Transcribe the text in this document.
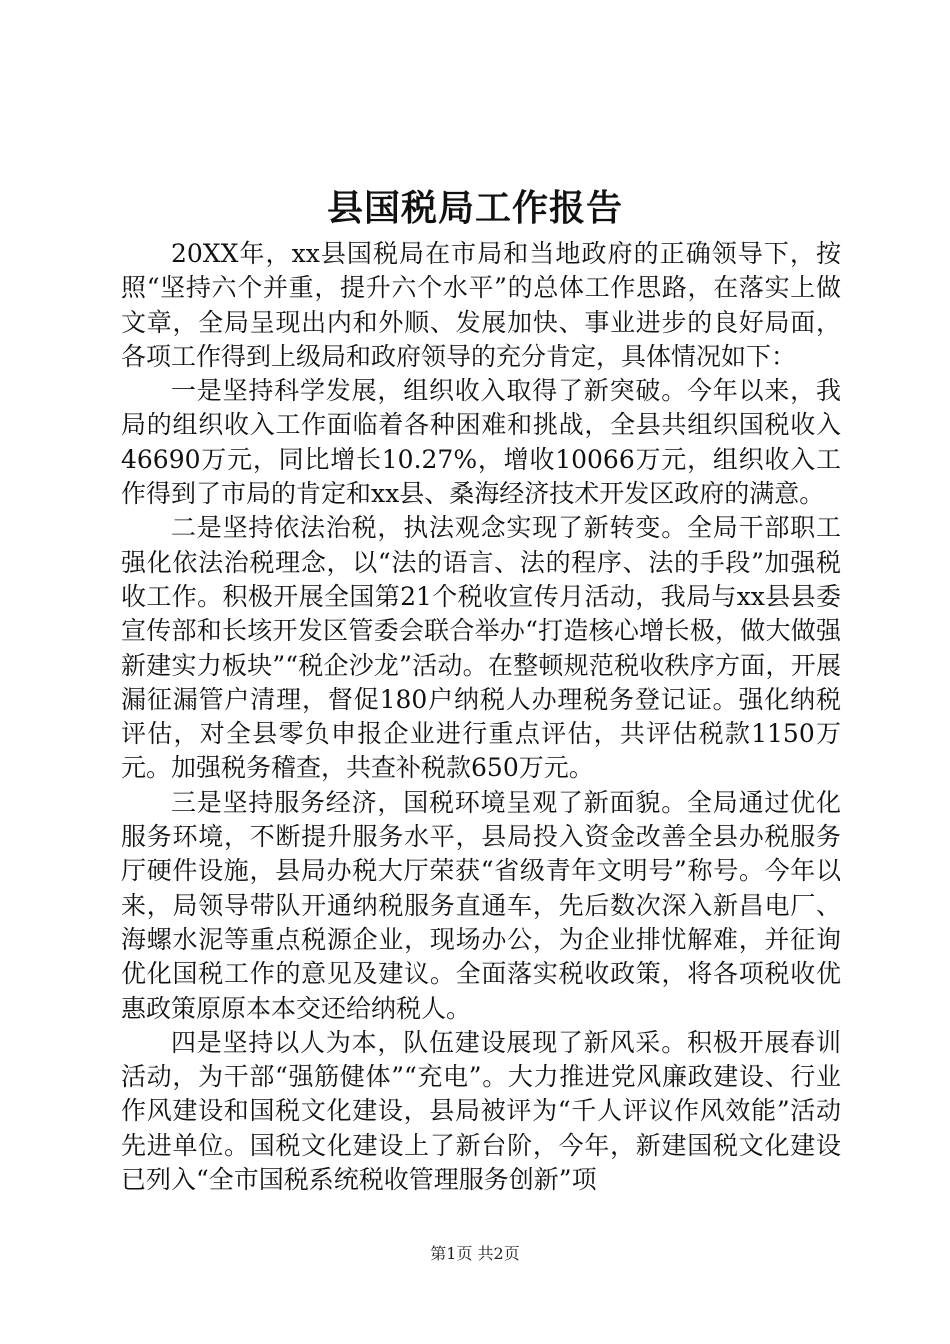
县国税局工作报告

20XX年，xx县国税局在市局和当地政府的正确领导下，按照“坚持六个并重，提升六个水平”的总体工作思路，在落实上做文章，全局呈现出内和外顺、发展加快、事业进步的良好局面，各项工作得到上级局和政府领导的充分肯定，具体情况如下：

一是坚持科学发展，组织收入取得了新突破。今年以来，我局的组织收入工作面临着各种困难和挑战，全县共组织国税收入46690万元，同比增长10.27%，增收10066万元，组织收入工作得到了市局的肯定和xx县、桑海经济技术开发区政府的满意。

二是坚持依法治税，执法观念实现了新转变。全局干部职工强化依法治税理念，以“法的语言、法的程序、法的手段”加强税收工作。积极开展全国第21个税收宣传月活动，我局与xx县县委宣传部和长垓开发区管委会联合举办“打造核心增长极，做大做强新建实力板块”“税企沙龙”活动。在整顿规范税收秩序方面，开展漏征漏管户清理，督促180户纳税人办理税务登记证。强化纳税评估，对全县零负申报企业进行重点评估，共评估税款1150万元。加强税务稽查，共查补税款650万元。

三是坚持服务经济，国税环境呈观了新面貌。全局通过优化服务环境，不断提升服务水平，县局投入资金改善全县办税服务厅硬件设施，县局办税大厅荣获“省级青年文明号”称号。今年以来，局领导带队开通纳税服务直通车，先后数次深入新昌电厂、海螺水泥等重点税源企业，现场办公，为企业排忧解难，并征询优化国税工作的意见及建议。全面落实税收政策，将各项税收优惠政策原原本本交还给纳税人。

四是坚持以人为本，队伍建设展现了新风采。积极开展春训活动，为干部“强筋健体”“充电”。大力推进党风廉政建设、行业作风建设和国税文化建设，县局被评为“千人评议作风效能”活动先进单位。国税文化建设上了新台阶，今年，新建国税文化建设已列入“全市国税系统税收管理服务创新”项

第1页 共2页
